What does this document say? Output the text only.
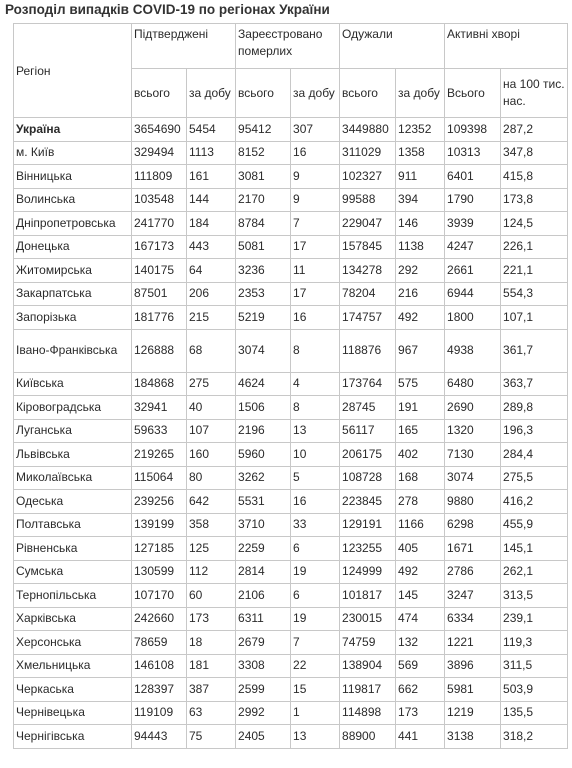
Розподіл випадків COVID-19 по регіонах України
Регіон	Підтверджені		Зареєстровано померлих		Одужали		Активні хворі	
	всього	за добу	всього	за добу	всього	за добу	Всього	на 100 тис. нас.
Україна	3654690	5454	95412	307	3449880	12352	109398	287,2
м. Київ	329494	1113	8152	16	311029	1358	10313	347,8
Вінницька	111809	161	3081	9	102327	911	6401	415,8
Волинська	103548	144	2170	9	99588	394	1790	173,8
Дніпропетровська	241770	184	8784	7	229047	146	3939	124,5
Донецька	167173	443	5081	17	157845	1138	4247	226,1
Житомирська	140175	64	3236	11	134278	292	2661	221,1
Закарпатська	87501	206	2353	17	78204	216	6944	554,3
Запорізька	181776	215	5219	16	174757	492	1800	107,1
Івано-Франківська	126888	68	3074	8	118876	967	4938	361,7
Київська	184868	275	4624	4	173764	575	6480	363,7
Кіровоградська	32941	40	1506	8	28745	191	2690	289,8
Луганська	59633	107	2196	13	56117	165	1320	196,3
Львівська	219265	160	5960	10	206175	402	7130	284,4
Миколаївська	115064	80	3262	5	108728	168	3074	275,5
Одеська	239256	642	5531	16	223845	278	9880	416,2
Полтавська	139199	358	3710	33	129191	1166	6298	455,9
Рівненська	127185	125	2259	6	123255	405	1671	145,1
Сумська	130599	112	2814	19	124999	492	2786	262,1
Тернопільська	107170	60	2106	6	101817	145	3247	313,5
Харківська	242660	173	6311	19	230015	474	6334	239,1
Херсонська	78659	18	2679	7	74759	132	1221	119,3
Хмельницька	146108	181	3308	22	138904	569	3896	311,5
Черкаська	128397	387	2599	15	119817	662	5981	503,9
Чернівецька	119109	63	2992	1	114898	173	1219	135,5
Чернігівська	94443	75	2405	13	88900	441	3138	318,2
